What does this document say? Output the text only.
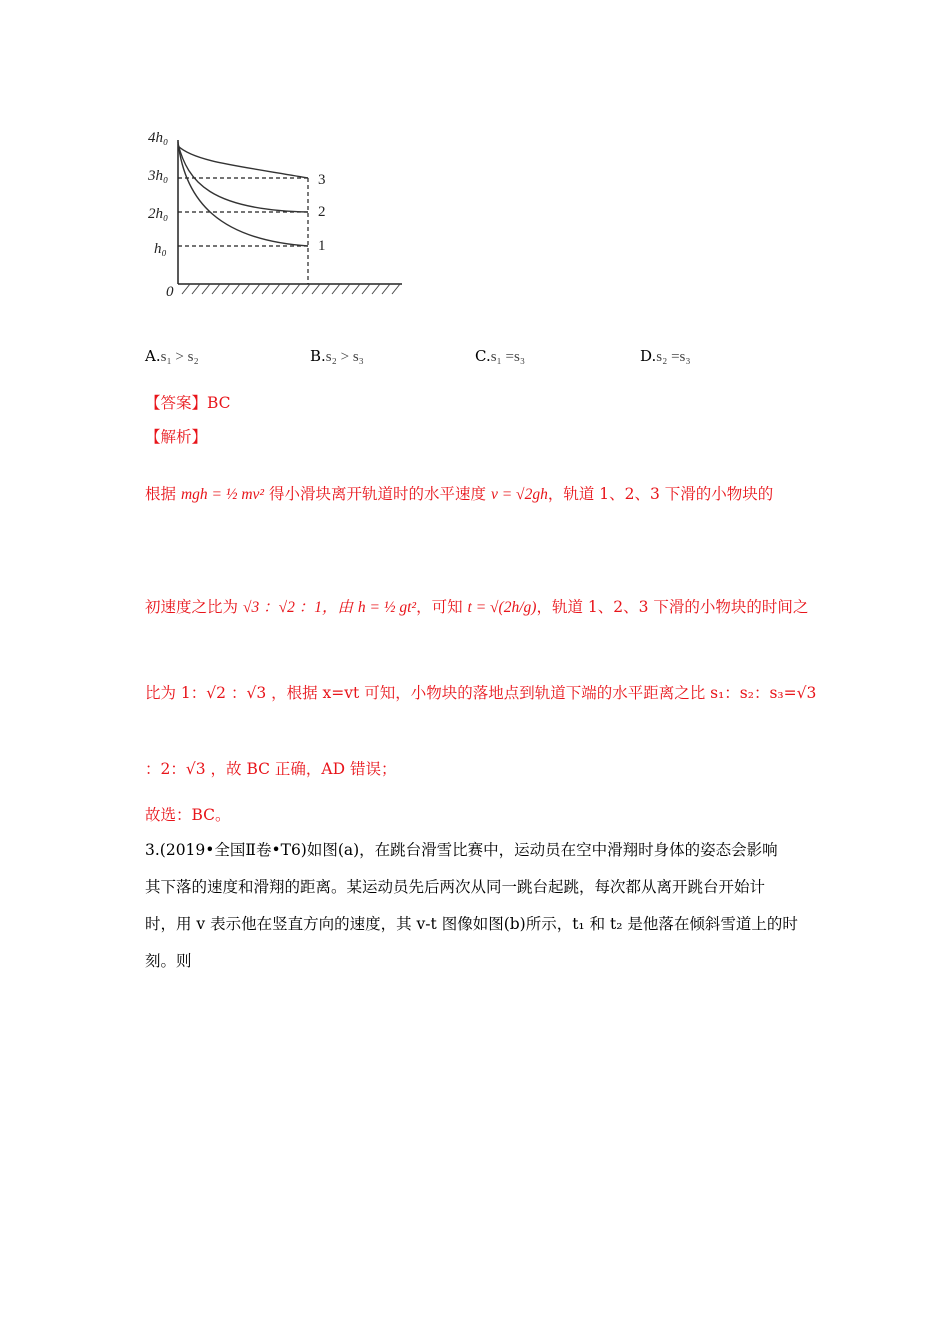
4h₀
3h₀
2h₀
h₀
0
3
2
1
A.s₁ > s₂	B.s₂ > s₃	C.s₁ =s₃	D.s₂ =s₃
【答案】BC
【解析】
根据 mgh = ½ mv² 得小滑块离开轨道时的水平速度 v = √2gh，轨道 1、2、3 下滑的小物块的
初速度之比为 √3 ：√2 ：1，由 h = ½ gt²，可知 t = √(2h/g)，轨道 1、2、3 下滑的小物块的时间之
比为 1：√2 ：√3 ，根据 x=vt 可知，小物块的落地点到轨道下端的水平距离之比 s₁：s₂：s₃=√3
：2：√3 ，故 BC 正确，AD 错误；
故选：BC。
3.(2019•全国Ⅱ卷•T6)如图(a)，在跳台滑雪比赛中，运动员在空中滑翔时身体的姿态会影响
其下落的速度和滑翔的距离。某运动员先后两次从同一跳台起跳，每次都从离开跳台开始计
时，用 v 表示他在竖直方向的速度，其 v-t 图像如图(b)所示，t₁ 和 t₂ 是他落在倾斜雪道上的时
刻。则
